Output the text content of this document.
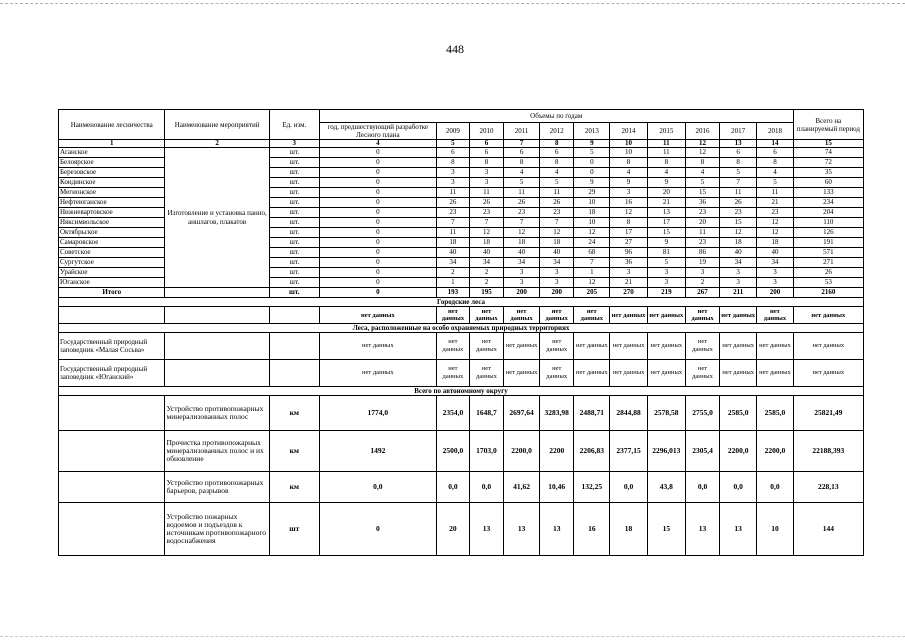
448
Наименование лесничества	Наименование мероприятий	Ед. изм.	Объемы по годам											Всего на планируемый период
			год, предшествующий разработке Лесного плана	2009	2010	2011	2012	2013	2014	2015	2016	2017	2018	
1	2	3	4	5	6	7	8	9	10	11	12	13	14	15
Аганское	Изготовление и установка панно, аншлагов, плакатов	шт.	0	6	6	6	6	5	10	11	12	6	6	74
Белоярское		шт.	0	8	8	8	8	0	8	8	8	8	8	72
Березовское		шт.	0	3	3	4	4	0	4	4	4	5	4	35
Кондинское		шт.	0	3	3	5	5	9	9	9	5	7	5	60
Мегионское		шт.	0	11	11	11	11	29	3	20	15	11	11	133
Нефтеюганское		шт.	0	26	26	26	26	10	16	21	36	26	21	234
Нижневартовское		шт.	0	23	23	23	23	18	12	13	23	23	23	204
Няксимвольское		шт.	0	7	7	7	7	10	8	17	20	15	12	110
Октябрьское		шт.	0	11	12	12	12	12	17	15	11	12	12	126
Самаровское		шт.	0	18	18	18	18	24	27	9	23	18	18	191
Советское		шт.	0	40	40	40	40	68	96	81	86	40	40	571
Сургутское		шт.	0	34	34	34	34	7	36	5	19	34	34	271
Урайское		шт.	0	2	2	3	3	1	3	3	3	3	3	26
Юганское		шт.	0	1	2	3	3	12	21	3	2	3	3	53
Итого		шт.	0	193	195	200	200	205	270	219	267	211	200	2160
Городские леса														
			нет данных	нет данных	нет данных	нет данных	нет данных	нет данных	нет данных	нет данных	нет данных	нет данных	нет данных	нет данных
Леса, расположенные на особо охраняемых природных территориях														
Государственный природный заповедник «Малая Сосьва»			нет данных	нет данных	нет данных	нет данных	нет данных	нет данных	нет данных	нет данных	нет данных	нет данных	нет данных	нет данных
Государственный природный заповедник «Юганский»			нет данных	нет данных	нет данных	нет данных	нет данных	нет данных	нет данных	нет данных	нет данных	нет данных	нет данных	нет данных
Всего по автономному округу														
	Устройство противопожарных минерализованных полос	км	1774,0	2354,0	1648,7	2697,64	3283,98	2488,71	2844,88	2578,58	2755,0	2585,0	2585,0	25821,49
	Прочистка противопожарных минерализованных полос и их обновление	км	1492	2500,0	1703,0	2200,0	2200	2206,83	2377,15	2296,013	2305,4	2200,0	2200,0	22188,393
	Устройство противопожарных барьеров, разрывов	км	0,0	0,0	0,0	41,62	10,46	132,25	0,0	43,8	0,0	0,0	0,0	228,13
	Устройство пожарных водоемов и подъездов к источникам противопожарного водоснабжения	шт	0	20	13	13	13	16	18	15	13	13	10	144
